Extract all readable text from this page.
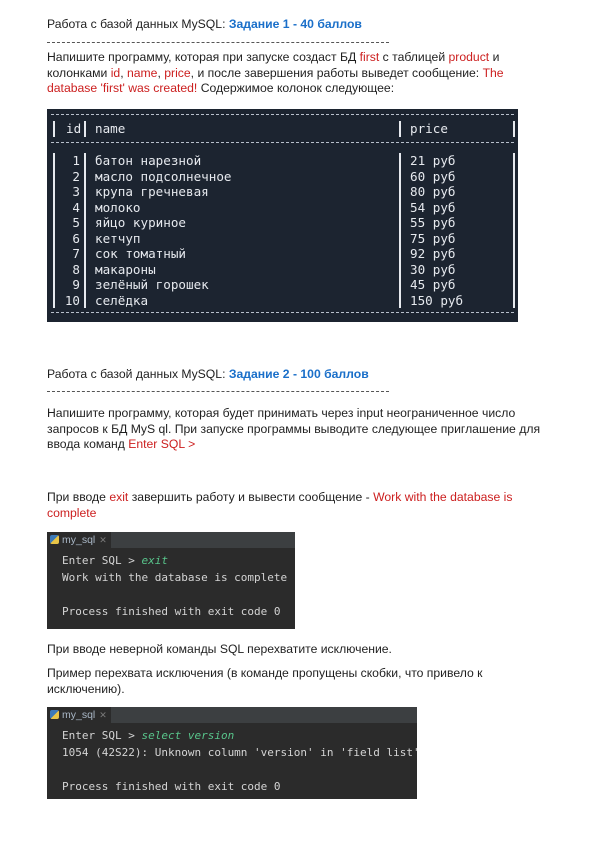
Работа с базой данных MySQL: Задание 1 - 40 баллов
Напишите программу, которая при запуске создаст БД first с таблицей product и колонками id, name, price, и после завершения работы выведет сообщение: The database 'first' was created! Содержимое колонок следующее:
id name	price
1 батон нарезной	21 руб
2 масло подсолнечное	60 руб
3 крупа гречневая	80 руб
4 молоко	54 руб
5 яйцо куриное	55 руб
6 кетчуп	75 руб
7 сок томатный	92 руб
8 макароны	30 руб
9 зелёный горошек	45 руб
10 селёдка	150 руб
Работа с базой данных MySQL: Задание 2 - 100 баллов
Напишите программу, которая будет принимать через input неограниченное число запросов к БД MyS ql. При запуске программы выводите следующее приглашение для ввода команд Enter SQL >
При вводе exit завершить работу и вывести сообщение - Work with the database is complete
my_sql ✕
Enter SQL > exit
Work with the database is complete
Process finished with exit code 0
При вводе неверной команды SQL перехватите исключение.
Пример перехвата исключения (в команде пропущены скобки, что привело к исключению).
my_sql ✕
Enter SQL > select version
1054 (42S22): Unknown column 'version' in 'field list'
Process finished with exit code 0
